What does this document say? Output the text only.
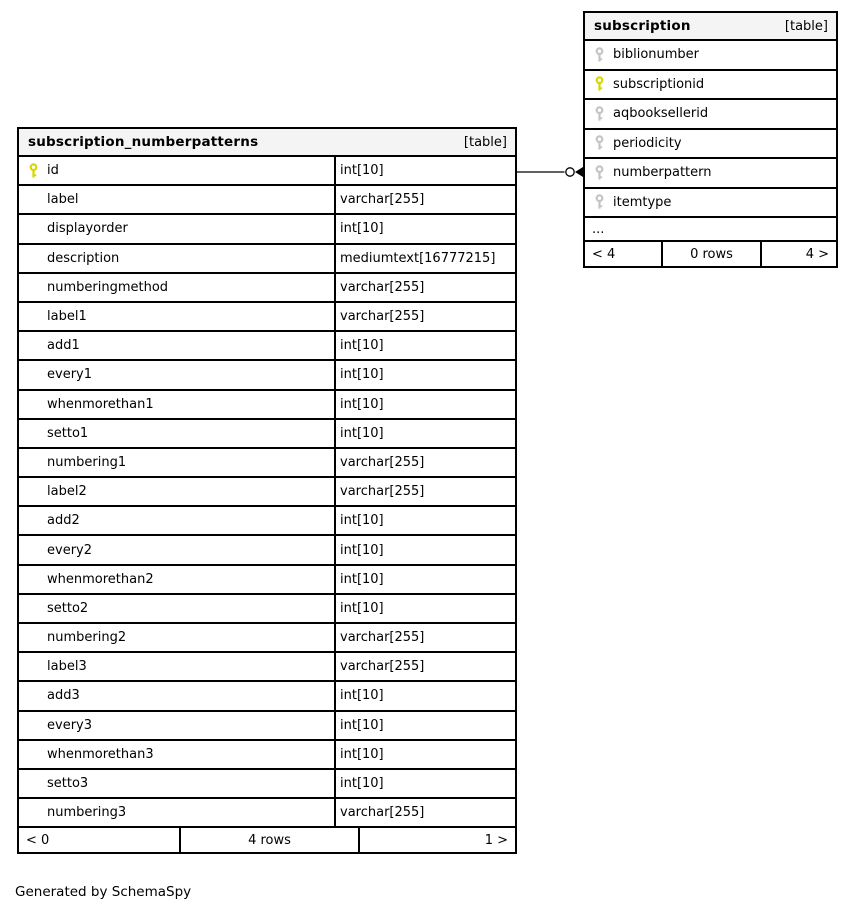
subscription_numberpatterns	[table]
id	int[10]
label	varchar[255]
displayorder	int[10]
description	mediumtext[16777215]
numberingmethod	varchar[255]
label1	varchar[255]
add1	int[10]
every1	int[10]
whenmorethan1	int[10]
setto1	int[10]
numbering1	varchar[255]
label2	varchar[255]
add2	int[10]
every2	int[10]
whenmorethan2	int[10]
setto2	int[10]
numbering2	varchar[255]
label3	varchar[255]
add3	int[10]
every3	int[10]
whenmorethan3	int[10]
setto3	int[10]
numbering3	varchar[255]
< 0	4 rows	1 >
subscription	[table]
biblionumber
subscriptionid
aqbooksellerid
periodicity
numberpattern
itemtype
...
< 4	0 rows	4 >
Generated by SchemaSpy
